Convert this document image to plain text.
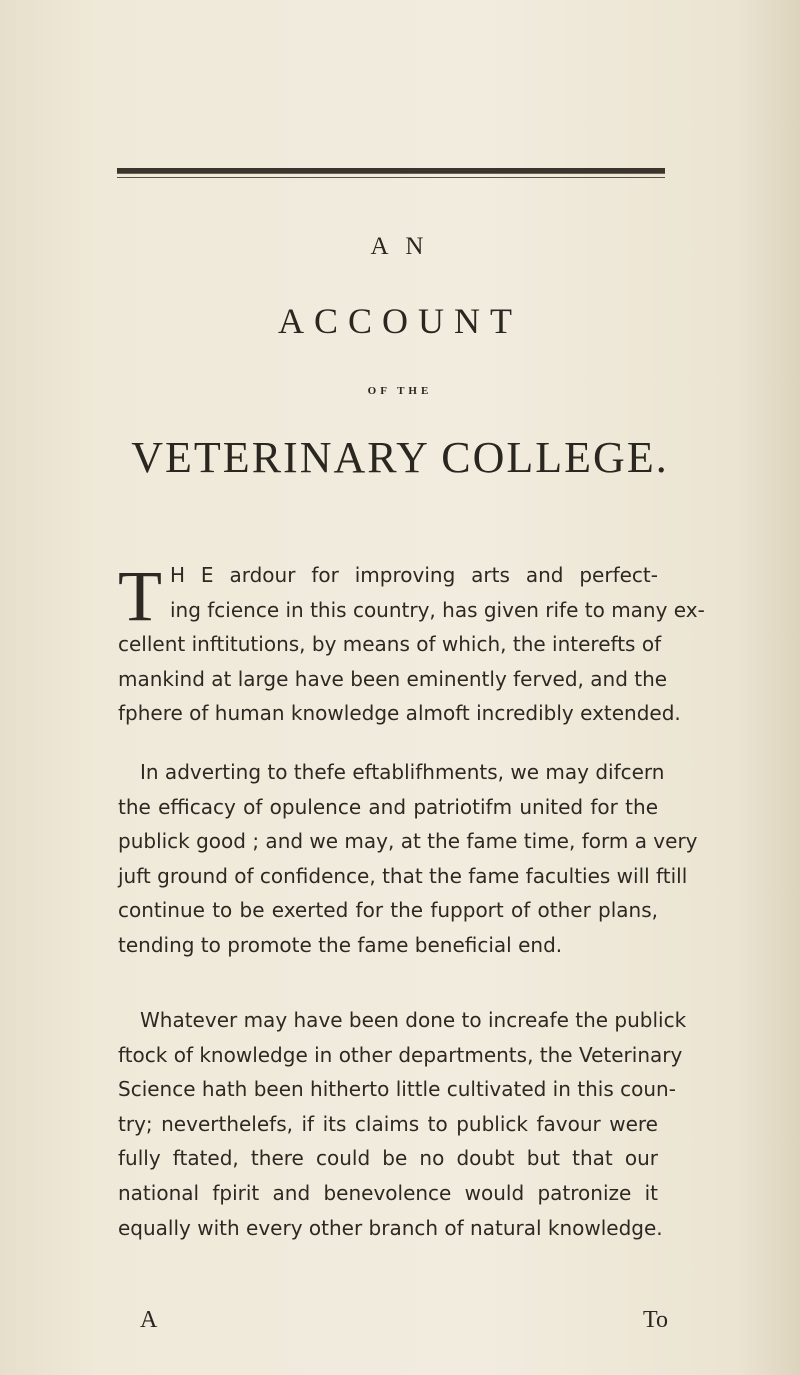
A N
ACCOUNT
OF THE
VETERINARY COLLEGE.
T H E ardour for improving arts and perfect-
ing fcience in this country, has given rife to many ex-
cellent inftitutions, by means of which, the interefts of
mankind at large have been eminently ferved, and the
fphere of human knowledge almoft incredibly extended.
In adverting to thefe eftablifhments, we may difcern
the efficacy of opulence and patriotifm united for the
publick good ; and we may, at the fame time, form a very
juft ground of confidence, that the fame faculties will ftill
continue to be exerted for the fupport of other plans,
tending to promote the fame beneficial end.
Whatever may have been done to increafe the publick
ftock of knowledge in other departments, the Veterinary
Science hath been hitherto little cultivated in this coun-
try; neverthelefs, if its claims to publick favour were
fully ftated, there could be no doubt but that our
national fpirit and benevolence would patronize it
equally with every other branch of natural knowledge.
A	To
